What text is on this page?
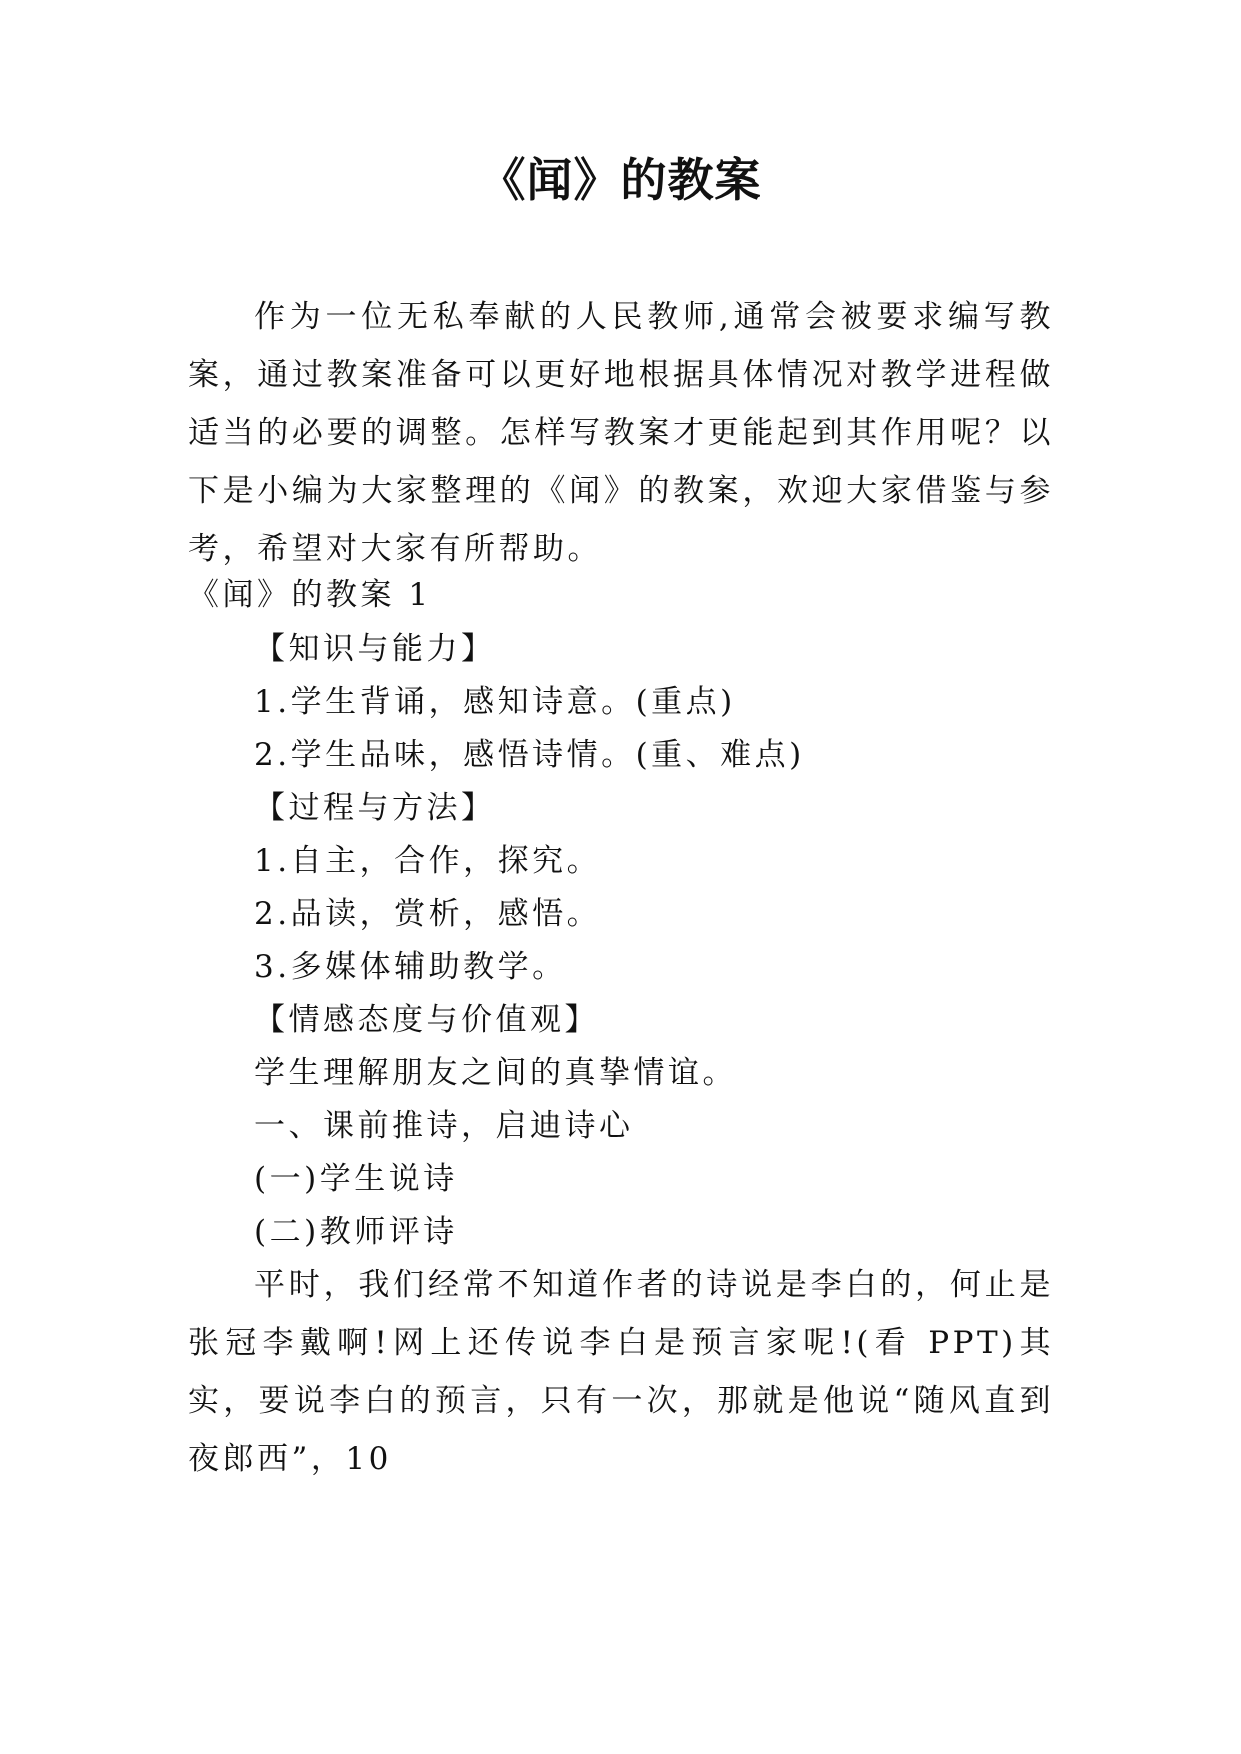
《闻》的教案
作为一位无私奉献的人民教师,通常会被要求编写教案，通过教案准备可以更好地根据具体情况对教学进程做适当的必要的调整。怎样写教案才更能起到其作用呢？以下是小编为大家整理的《闻》的教案，欢迎大家借鉴与参考，希望对大家有所帮助。
《闻》的教案 1
【知识与能力】
1.学生背诵，感知诗意。(重点)
2.学生品味，感悟诗情。(重、难点)
【过程与方法】
1.自主，合作，探究。
2.品读，赏析，感悟。
3.多媒体辅助教学。
【情感态度与价值观】
学生理解朋友之间的真挚情谊。
一、课前推诗，启迪诗心
(一)学生说诗
(二)教师评诗
平时，我们经常不知道作者的诗说是李白的，何止是张冠李戴啊!网上还传说李白是预言家呢!(看 PPT)其实，要说李白的预言，只有一次，那就是他说“随风直到夜郎西”，10
